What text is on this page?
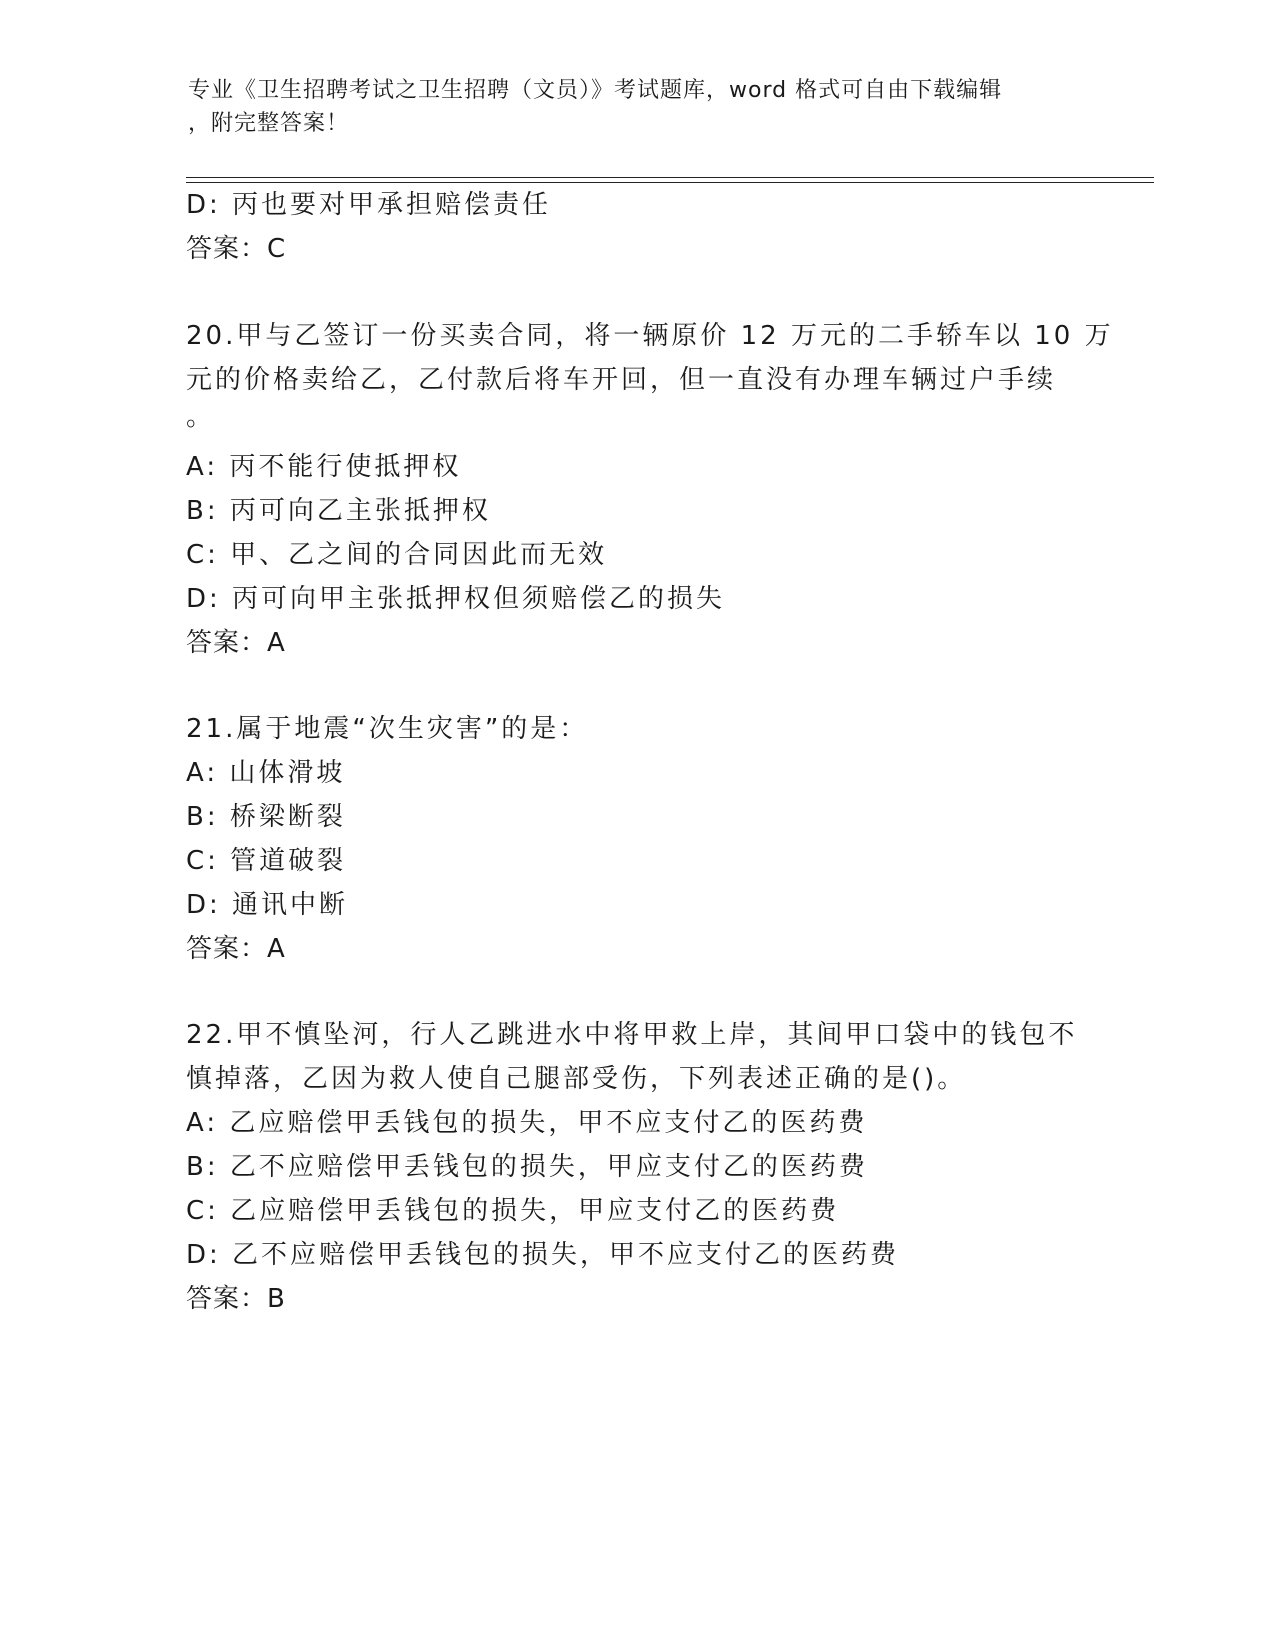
专业《卫生招聘考试之卫生招聘（文员）》考试题库，word 格式可自由下载编辑
，附完整答案！
D: 丙也要对甲承担赔偿责任
答案：C
20.甲与乙签订一份买卖合同，将一辆原价 12 万元的二手轿车以 10 万
元的价格卖给乙，乙付款后将车开回，但一直没有办理车辆过户手续
。
A: 丙不能行使抵押权
B: 丙可向乙主张抵押权
C: 甲、乙之间的合同因此而无效
D: 丙可向甲主张抵押权但须赔偿乙的损失
答案：A
21.属于地震“次生灾害”的是：
A: 山体滑坡
B: 桥梁断裂
C: 管道破裂
D: 通讯中断
答案：A
22.甲不慎坠河，行人乙跳进水中将甲救上岸，其间甲口袋中的钱包不
慎掉落，乙因为救人使自己腿部受伤，下列表述正确的是()。
A: 乙应赔偿甲丢钱包的损失，甲不应支付乙的医药费
B: 乙不应赔偿甲丢钱包的损失，甲应支付乙的医药费
C: 乙应赔偿甲丢钱包的损失，甲应支付乙的医药费
D: 乙不应赔偿甲丢钱包的损失，甲不应支付乙的医药费
答案：B
